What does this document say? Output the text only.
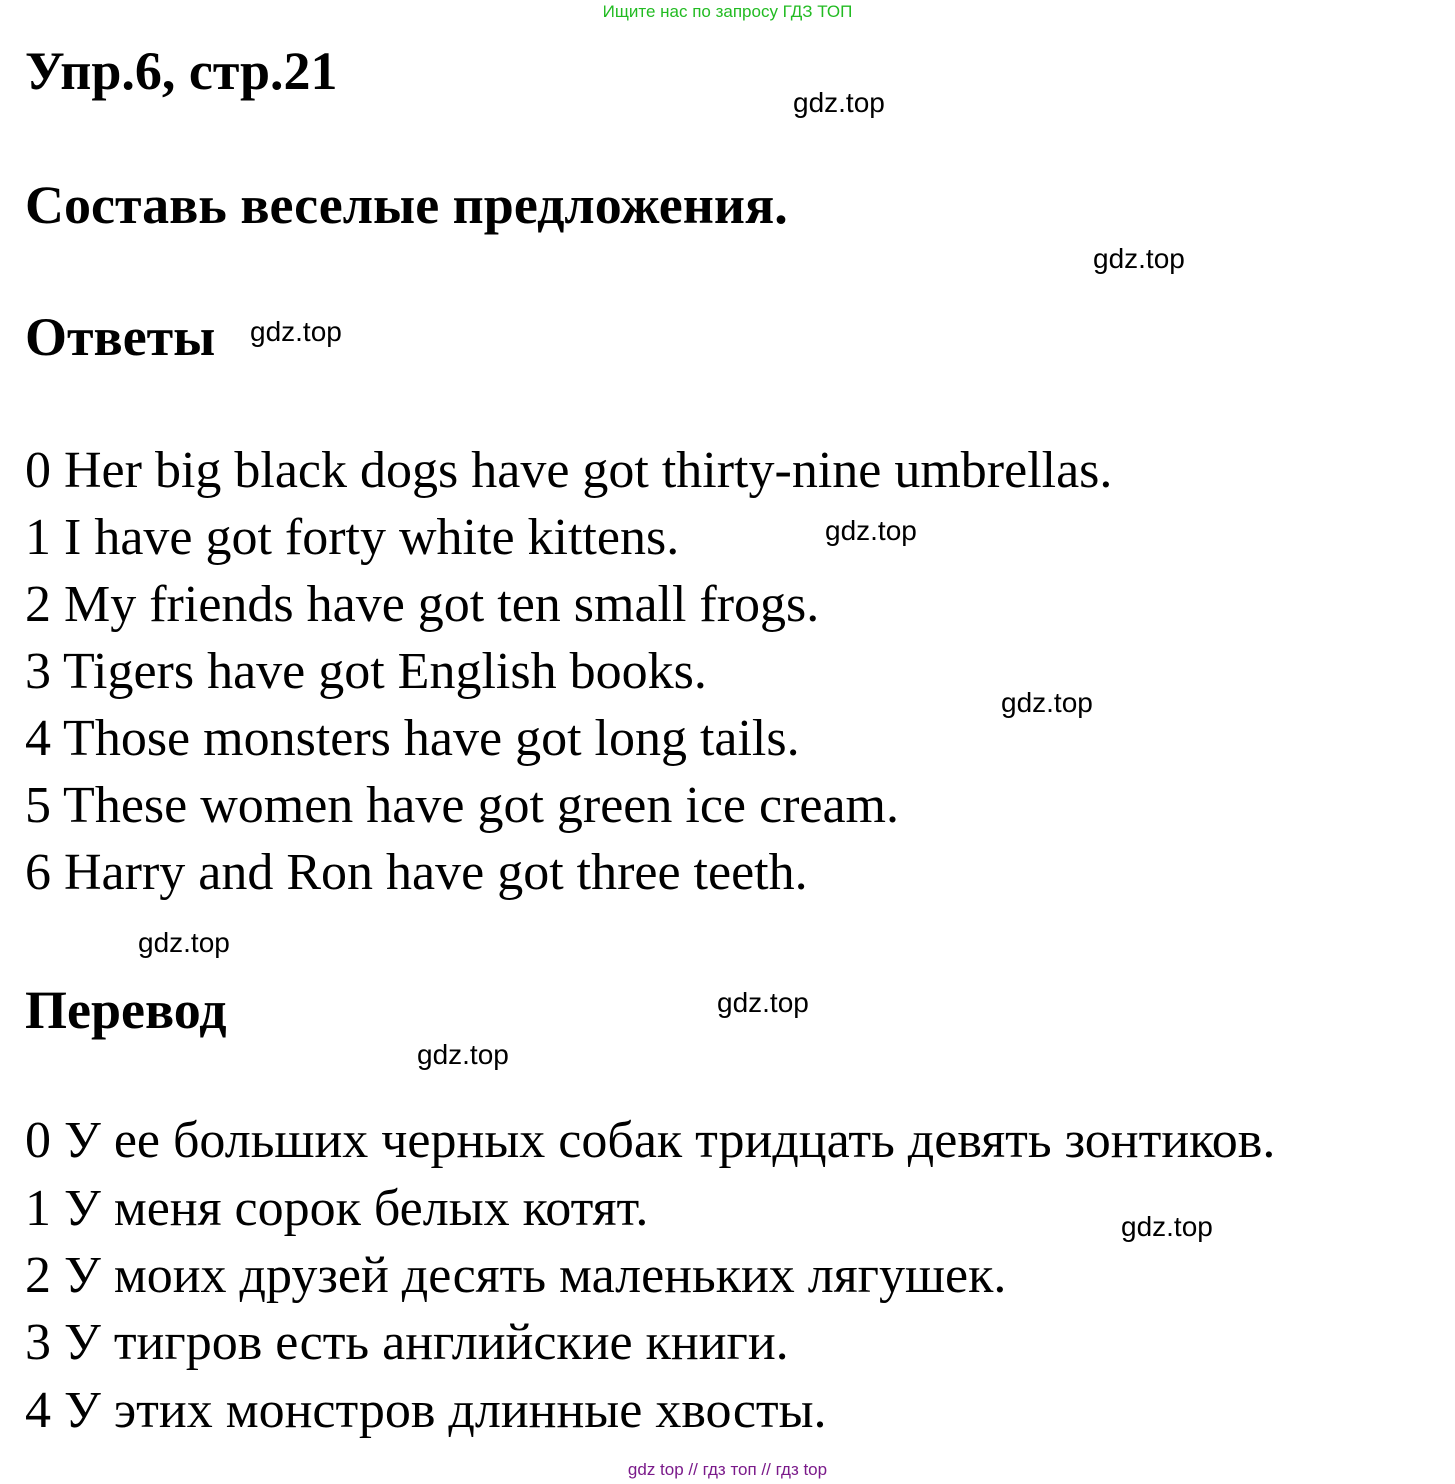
Ищите нас по запросу ГДЗ ТОП
Упр.6, стр.21
gdz.top
Составь веселые предложения.
gdz.top
Ответы gdz.top
0 Her big black dogs have got thirty-nine umbrellas.
1 I have got forty white kittens.	gdz.top
2 My friends have got ten small frogs.
3 Tigers have got English books.
gdz.top
4 Those monsters have got long tails.
5 These women have got green ice cream.
6 Harry and Ron have got three teeth.
gdz.top
Перевод	gdz.top
gdz.top
0 У ее больших черных собак тридцать девять зонтиков.
1 У меня сорок белых котят.	gdz.top
2 У моих друзей десять маленьких лягушек.
3 У тигров есть английские книги.
4 У этих монстров длинные хвосты.
gdz top // гдз топ // гдз top
